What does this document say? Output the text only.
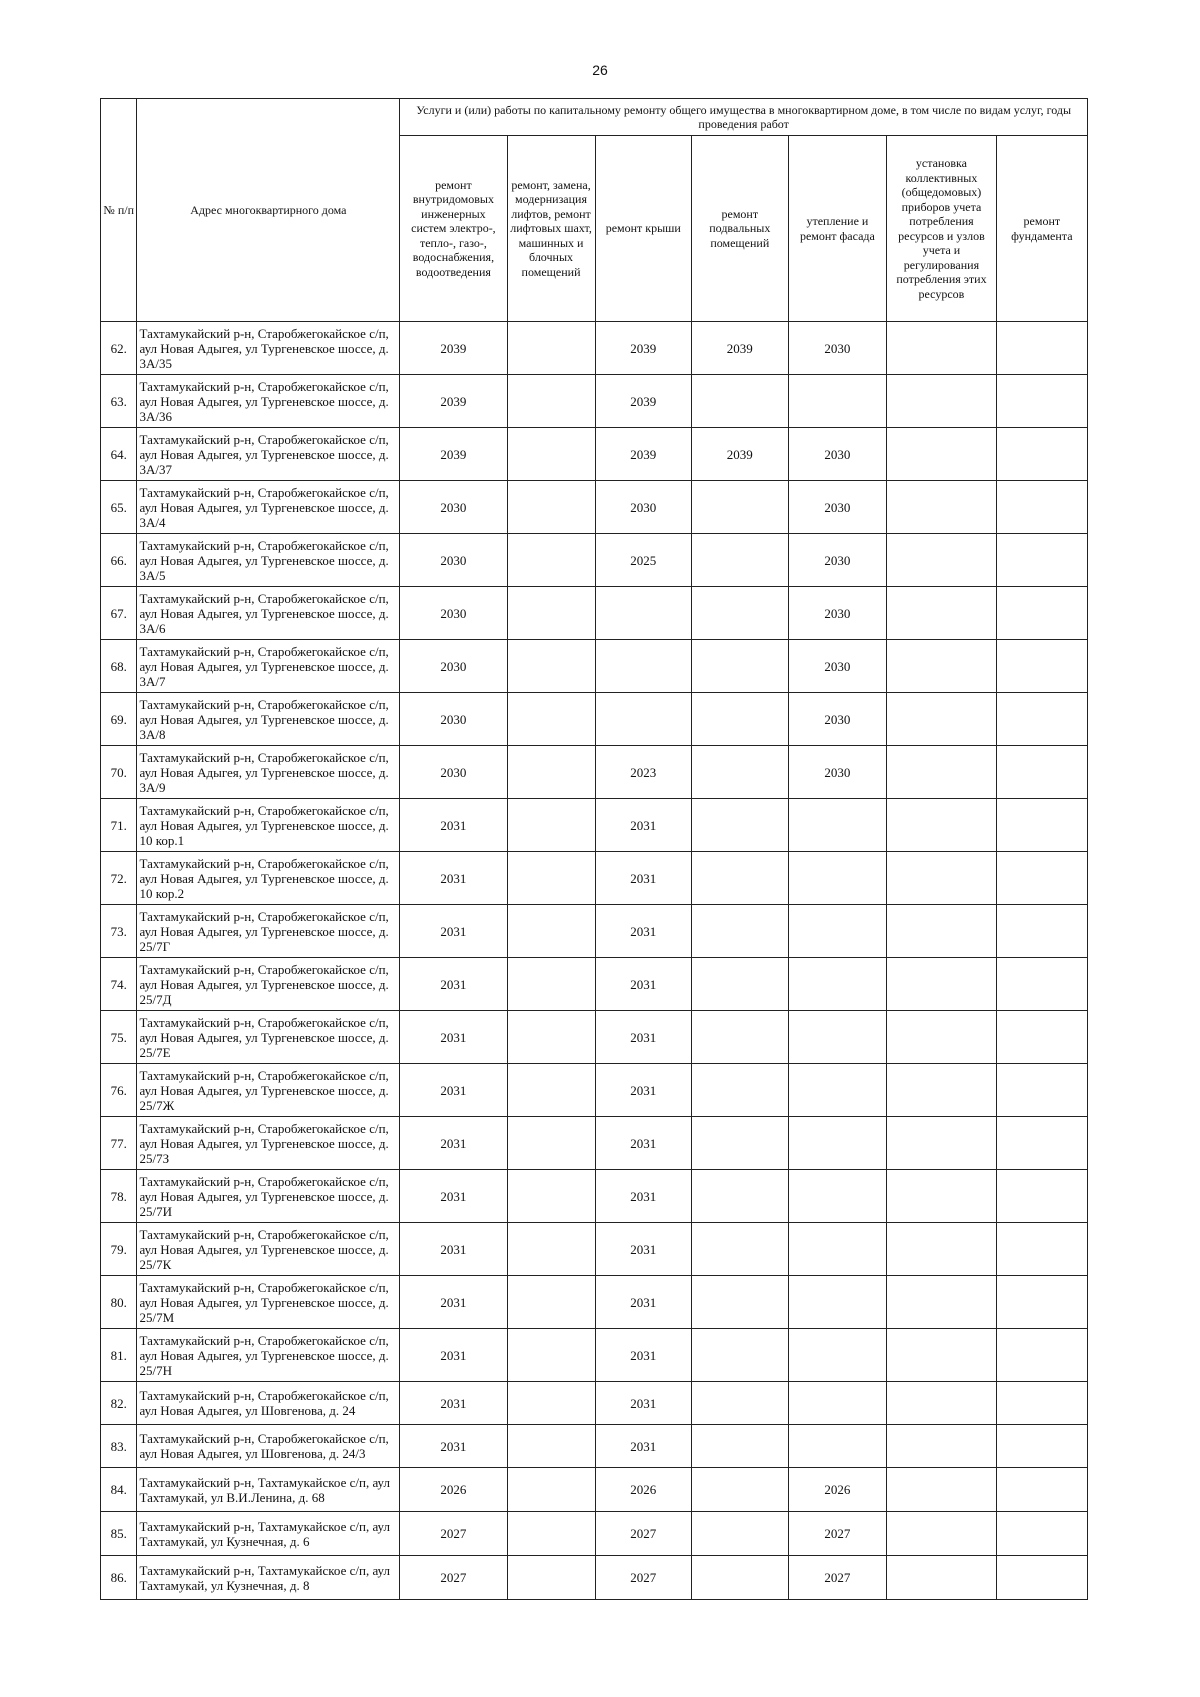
26
№ п/п	Адрес многоквартирного дома	Услуги и (или) работы по капитальному ремонту общего имущества в многоквартирном доме, в том числе по видам услуг, годы проведения работ						
		ремонт внутридомовых инженерных систем электро-, тепло-, газо-, водоснабжения, водоотведения	ремонт, замена, модернизация лифтов, ремонт лифтовых шахт, машинных и блочных помещений	ремонт крыши	ремонт подвальных помещений	утепление и ремонт фасада	установка коллективных (общедомовых) приборов учета потребления ресурсов и узлов учета и регулирования потребления этих ресурсов	ремонт фундамента
62.	Тахтамукайский р-н, Старобжегокайское с/п, аул Новая Адыгея, ул Тургеневское шоссе, д. 3А/35	2039		2039	2039	2030		
63.	Тахтамукайский р-н, Старобжегокайское с/п, аул Новая Адыгея, ул Тургеневское шоссе, д. 3А/36	2039		2039				
64.	Тахтамукайский р-н, Старобжегокайское с/п, аул Новая Адыгея, ул Тургеневское шоссе, д. 3А/37	2039		2039	2039	2030		
65.	Тахтамукайский р-н, Старобжегокайское с/п, аул Новая Адыгея, ул Тургеневское шоссе, д. 3А/4	2030		2030		2030		
66.	Тахтамукайский р-н, Старобжегокайское с/п, аул Новая Адыгея, ул Тургеневское шоссе, д. 3А/5	2030		2025		2030		
67.	Тахтамукайский р-н, Старобжегокайское с/п, аул Новая Адыгея, ул Тургеневское шоссе, д. 3А/6	2030				2030		
68.	Тахтамукайский р-н, Старобжегокайское с/п, аул Новая Адыгея, ул Тургеневское шоссе, д. 3А/7	2030				2030		
69.	Тахтамукайский р-н, Старобжегокайское с/п, аул Новая Адыгея, ул Тургеневское шоссе, д. 3А/8	2030				2030		
70.	Тахтамукайский р-н, Старобжегокайское с/п, аул Новая Адыгея, ул Тургеневское шоссе, д. 3А/9	2030		2023		2030		
71.	Тахтамукайский р-н, Старобжегокайское с/п, аул Новая Адыгея, ул Тургеневское шоссе, д. 10 кор.1	2031		2031				
72.	Тахтамукайский р-н, Старобжегокайское с/п, аул Новая Адыгея, ул Тургеневское шоссе, д. 10 кор.2	2031		2031				
73.	Тахтамукайский р-н, Старобжегокайское с/п, аул Новая Адыгея, ул Тургеневское шоссе, д. 25/7Г	2031		2031				
74.	Тахтамукайский р-н, Старобжегокайское с/п, аул Новая Адыгея, ул Тургеневское шоссе, д. 25/7Д	2031		2031				
75.	Тахтамукайский р-н, Старобжегокайское с/п, аул Новая Адыгея, ул Тургеневское шоссе, д. 25/7Е	2031		2031				
76.	Тахтамукайский р-н, Старобжегокайское с/п, аул Новая Адыгея, ул Тургеневское шоссе, д. 25/7Ж	2031		2031				
77.	Тахтамукайский р-н, Старобжегокайское с/п, аул Новая Адыгея, ул Тургеневское шоссе, д. 25/7З	2031		2031				
78.	Тахтамукайский р-н, Старобжегокайское с/п, аул Новая Адыгея, ул Тургеневское шоссе, д. 25/7И	2031		2031				
79.	Тахтамукайский р-н, Старобжегокайское с/п, аул Новая Адыгея, ул Тургеневское шоссе, д. 25/7К	2031		2031				
80.	Тахтамукайский р-н, Старобжегокайское с/п, аул Новая Адыгея, ул Тургеневское шоссе, д. 25/7М	2031		2031				
81.	Тахтамукайский р-н, Старобжегокайское с/п, аул Новая Адыгея, ул Тургеневское шоссе, д. 25/7Н	2031		2031				
82.	Тахтамукайский р-н, Старобжегокайское с/п, аул Новая Адыгея, ул Шовгенова, д. 24	2031		2031				
83.	Тахтамукайский р-н, Старобжегокайское с/п, аул Новая Адыгея, ул Шовгенова, д. 24/3	2031		2031				
84.	Тахтамукайский р-н, Тахтамукайское с/п, аул Тахтамукай, ул В.И.Ленина, д. 68	2026		2026		2026		
85.	Тахтамукайский р-н, Тахтамукайское с/п, аул Тахтамукай, ул Кузнечная, д. 6	2027		2027		2027		
86.	Тахтамукайский р-н, Тахтамукайское с/п, аул Тахтамукай, ул Кузнечная, д. 8	2027		2027		2027		
